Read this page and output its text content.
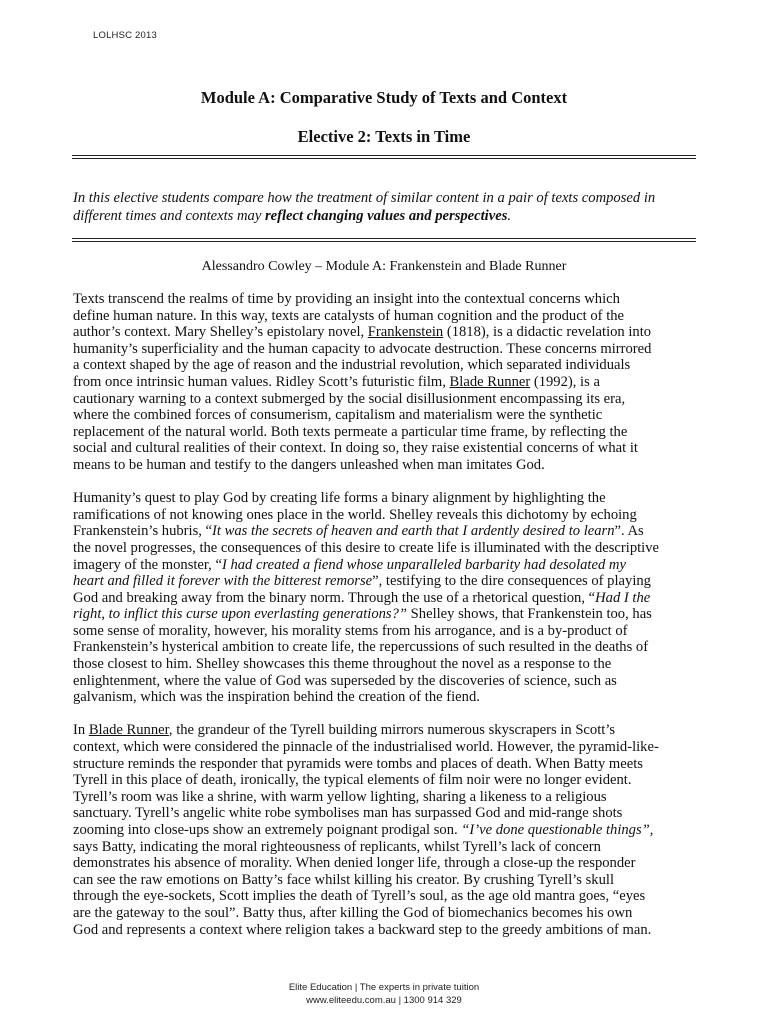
LOLHSC 2013
Module A: Comparative Study of Texts and Context
Elective 2: Texts in Time
In this elective students compare how the treatment of similar content in a pair of texts composed in
different times and contexts may reflect changing values and perspectives.
Alessandro Cowley – Module A: Frankenstein and Blade Runner

Texts transcend the realms of time by providing an insight into the contextual concerns which
define human nature. In this way, texts are catalysts of human cognition and the product of the
author’s context. Mary Shelley’s epistolary novel, Frankenstein (1818), is a didactic revelation into
humanity’s superficiality and the human capacity to advocate destruction. These concerns mirrored
a context shaped by the age of reason and the industrial revolution, which separated individuals
from once intrinsic human values. Ridley Scott’s futuristic film, Blade Runner (1992), is a
cautionary warning to a context submerged by the social disillusionment encompassing its era,
where the combined forces of consumerism, capitalism and materialism were the synthetic
replacement of the natural world. Both texts permeate a particular time frame, by reflecting the
social and cultural realities of their context. In doing so, they raise existential concerns of what it
means to be human and testify to the dangers unleashed when man imitates God.

Humanity’s quest to play God by creating life forms a binary alignment by highlighting the
ramifications of not knowing ones place in the world. Shelley reveals this dichotomy by echoing
Frankenstein’s hubris, “It was the secrets of heaven and earth that I ardently desired to learn”. As
the novel progresses, the consequences of this desire to create life is illuminated with the descriptive
imagery of the monster, “I had created a fiend whose unparalleled barbarity had desolated my
heart and filled it forever with the bitterest remorse”, testifying to the dire consequences of playing
God and breaking away from the binary norm. Through the use of a rhetorical question, “Had I the
right, to inflict this curse upon everlasting generations?” Shelley shows, that Frankenstein too, has
some sense of morality, however, his morality stems from his arrogance, and is a by-product of
Frankenstein’s hysterical ambition to create life, the repercussions of such resulted in the deaths of
those closest to him. Shelley showcases this theme throughout the novel as a response to the
enlightenment, where the value of God was superseded by the discoveries of science, such as
galvanism, which was the inspiration behind the creation of the fiend.

In Blade Runner, the grandeur of the Tyrell building mirrors numerous skyscrapers in Scott’s
context, which were considered the pinnacle of the industrialised world. However, the pyramid-like-
structure reminds the responder that pyramids were tombs and places of death. When Batty meets
Tyrell in this place of death, ironically, the typical elements of film noir were no longer evident.
Tyrell’s room was like a shrine, with warm yellow lighting, sharing a likeness to a religious
sanctuary. Tyrell’s angelic white robe symbolises man has surpassed God and mid-range shots
zooming into close-ups show an extremely poignant prodigal son. “I’ve done questionable things”,
says Batty, indicating the moral righteousness of replicants, whilst Tyrell’s lack of concern
demonstrates his absence of morality. When denied longer life, through a close-up the responder
can see the raw emotions on Batty’s face whilst killing his creator. By crushing Tyrell’s skull
through the eye-sockets, Scott implies the death of Tyrell’s soul, as the age old mantra goes, “eyes
are the gateway to the soul”. Batty thus, after killing the God of biomechanics becomes his own
God and represents a context where religion takes a backward step to the greedy ambitions of man.

Elite Education | The experts in private tuition
www.eliteedu.com.au | 1300 914 329
